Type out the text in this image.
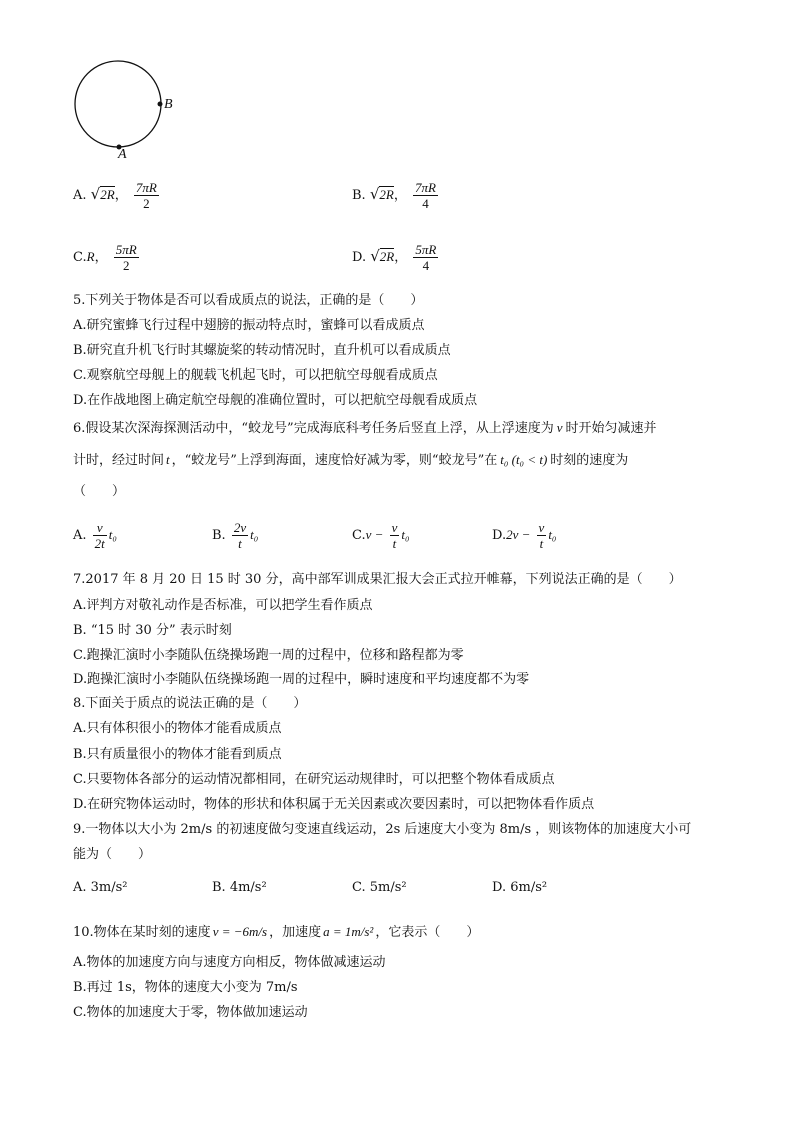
B
A
A. √2R， $\frac{7\pi R}{2}$	B. √2R， $\frac{7\pi R}{4}$
C.R， $\frac{5\pi R}{2}$	D. √2R， $\frac{5\pi R}{4}$
5.下列关于物体是否可以看成质点的说法，正确的是（　　）
A.研究蜜蜂飞行过程中翅膀的振动特点时，蜜蜂可以看成质点
B.研究直升机飞行时其螺旋桨的转动情况时，直升机可以看成质点
C.观察航空母舰上的舰载飞机起飞时，可以把航空母舰看成质点
D.在作战地图上确定航空母舰的准确位置时，可以把航空母舰看成质点
6.假设某次深海探测活动中，“蛟龙号”完成海底科考任务后竖直上浮，从上浮速度为 v 时开始匀减速并
计时，经过时间 t ，“蛟龙号”上浮到海面，速度恰好减为零，则“蛟龙号”在 t₀ (t₀ < t) 时刻的速度为
（　　）
A. $\frac{v}{2t} t_0$	B. $\frac{2v}{t} t_0$	$C.v - \frac{v}{t} t_0$	$D.2v - \frac{v}{t} t_0$
7.2017 年 8 月 20 日 15 时 30 分，高中部军训成果汇报大会正式拉开帷幕，下列说法正确的是（　　）
A.评判方对敬礼动作是否标准，可以把学生看作质点
B. “15 时 30 分” 表示时刻
C.跑操汇演时小李随队伍绕操场跑一周的过程中，位移和路程都为零
D.跑操汇演时小李随队伍绕操场跑一周的过程中，瞬时速度和平均速度都不为零
8.下面关于质点的说法正确的是（　　）
A.只有体积很小的物体才能看成质点
B.只有质量很小的物体才能看到质点
C.只要物体各部分的运动情况都相同，在研究运动规律时，可以把整个物体看成质点
D.在研究物体运动时，物体的形状和体积属于无关因素或次要因素时，可以把物体看作质点
9.一物体以大小为 2m/s 的初速度做匀变速直线运动，2s 后速度大小变为 8m/s ，则该物体的加速度大小可
能为（　　）
A. 3m/s²	B. 4m/s²	C. 5m/s²	D. 6m/s²
10.物体在某时刻的速度 v = −6m/s ，加速度 a = 1m/s² ，它表示（　　）
A.物体的加速度方向与速度方向相反，物体做减速运动
B.再过 1s，物体的速度大小变为 7m/s
C.物体的加速度大于零，物体做加速运动
